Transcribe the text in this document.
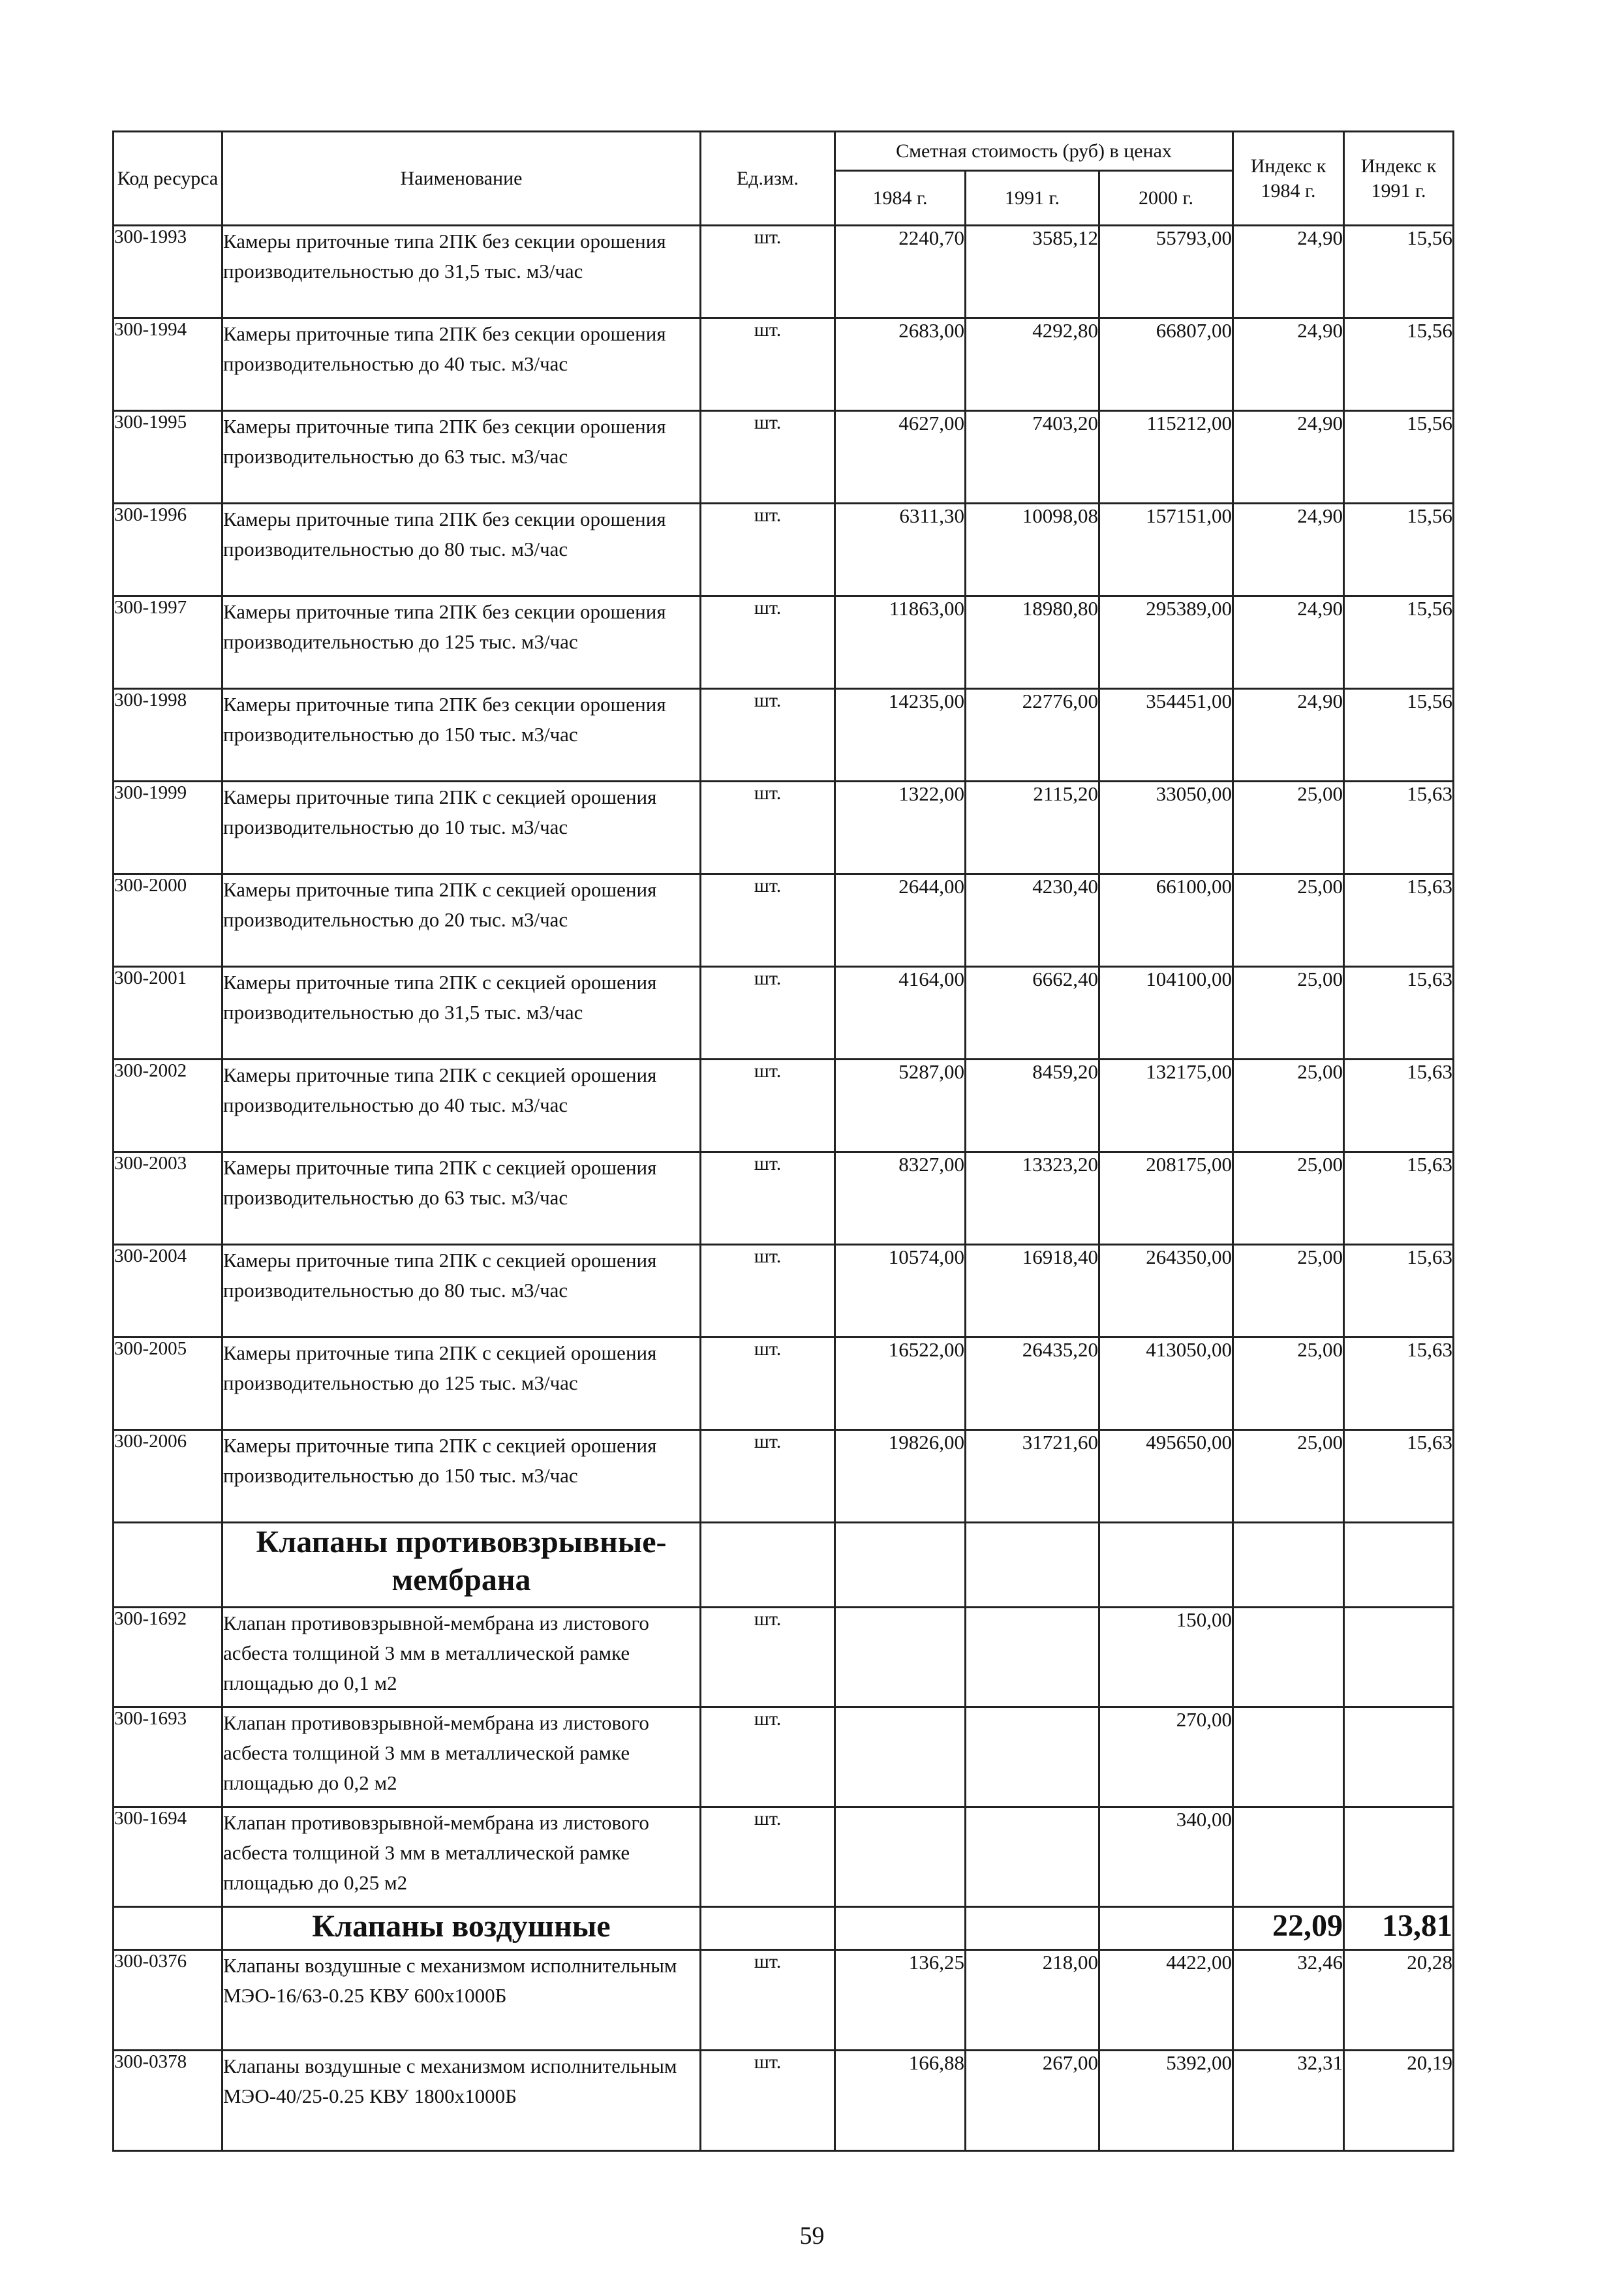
Код ресурса	Наименование	Ед.изм.	Сметная стоимость (руб) в ценах			Индекс к 1984 г.	Индекс к 1991 г.
			1984 г.	1991 г.	2000 г.		
300-1993	Камеры приточные типа 2ПК без секции орошения производительностью до 31,5 тыс. м3/час	шт.	2240,70	3585,12	55793,00	24,90	15,56
300-1994	Камеры приточные типа 2ПК без секции орошения производительностью до 40 тыс. м3/час	шт.	2683,00	4292,80	66807,00	24,90	15,56
300-1995	Камеры приточные типа 2ПК без секции орошения производительностью до 63 тыс. м3/час	шт.	4627,00	7403,20	115212,00	24,90	15,56
300-1996	Камеры приточные типа 2ПК без секции орошения производительностью до 80 тыс. м3/час	шт.	6311,30	10098,08	157151,00	24,90	15,56
300-1997	Камеры приточные типа 2ПК без секции орошения производительностью до 125 тыс. м3/час	шт.	11863,00	18980,80	295389,00	24,90	15,56
300-1998	Камеры приточные типа 2ПК без секции орошения производительностью до 150 тыс. м3/час	шт.	14235,00	22776,00	354451,00	24,90	15,56
300-1999	Камеры приточные типа 2ПК с секцией орошения производительностью до 10 тыс. м3/час	шт.	1322,00	2115,20	33050,00	25,00	15,63
300-2000	Камеры приточные типа 2ПК с секцией орошения производительностью до 20 тыс. м3/час	шт.	2644,00	4230,40	66100,00	25,00	15,63
300-2001	Камеры приточные типа 2ПК с секцией орошения производительностью до 31,5 тыс. м3/час	шт.	4164,00	6662,40	104100,00	25,00	15,63
300-2002	Камеры приточные типа 2ПК с секцией орошения производительностью до 40 тыс. м3/час	шт.	5287,00	8459,20	132175,00	25,00	15,63
300-2003	Камеры приточные типа 2ПК с секцией орошения производительностью до 63 тыс. м3/час	шт.	8327,00	13323,20	208175,00	25,00	15,63
300-2004	Камеры приточные типа 2ПК с секцией орошения производительностью до 80 тыс. м3/час	шт.	10574,00	16918,40	264350,00	25,00	15,63
300-2005	Камеры приточные типа 2ПК с секцией орошения производительностью до 125 тыс. м3/час	шт.	16522,00	26435,20	413050,00	25,00	15,63
300-2006	Камеры приточные типа 2ПК с секцией орошения производительностью до 150 тыс. м3/час	шт.	19826,00	31721,60	495650,00	25,00	15,63
	Клапаны противовзрывные-мембрана						
300-1692	Клапан противовзрывной-мембрана из листового асбеста толщиной 3 мм в металлической рамке площадью до 0,1 м2	шт.			150,00		
300-1693	Клапан противовзрывной-мембрана из листового асбеста толщиной 3 мм в металлической рамке площадью до 0,2 м2	шт.			270,00		
300-1694	Клапан противовзрывной-мембрана из листового асбеста толщиной 3 мм в металлической рамке площадью до 0,25 м2	шт.			340,00		
	Клапаны воздушные					22,09	13,81
300-0376	Клапаны воздушные с механизмом исполнительным МЭО-16/63-0.25 КВУ 600х1000Б	шт.	136,25	218,00	4422,00	32,46	20,28
300-0378	Клапаны воздушные с механизмом исполнительным МЭО-40/25-0.25 КВУ 1800х1000Б	шт.	166,88	267,00	5392,00	32,31	20,19
59
